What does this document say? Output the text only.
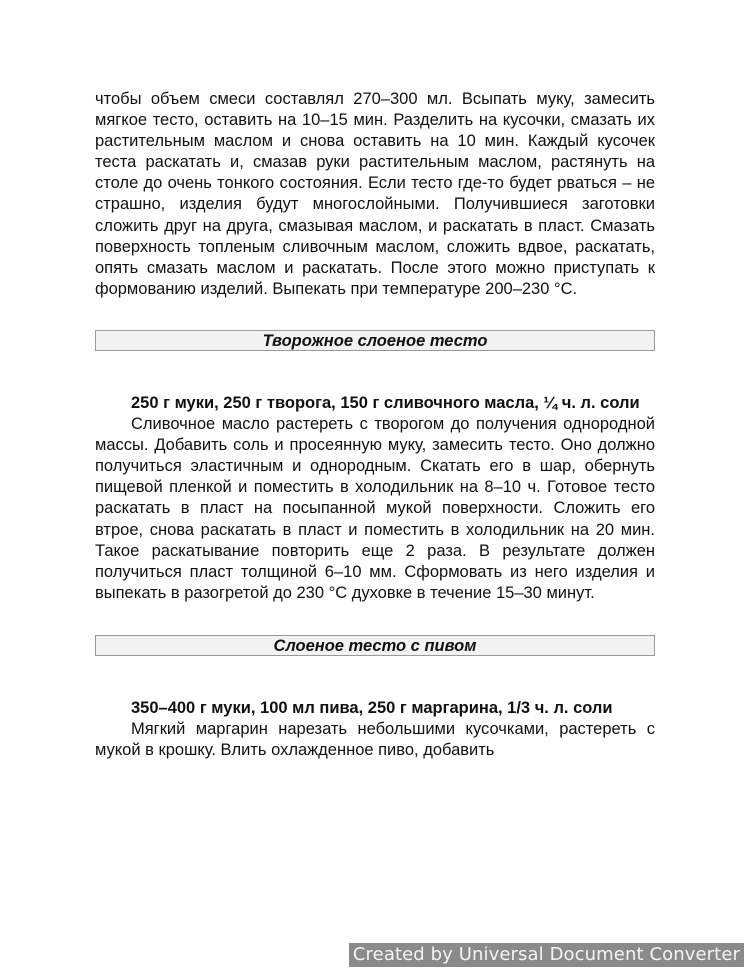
чтобы объем смеси составлял 270–300 мл. Всыпать муку, замесить мягкое тесто, оставить на 10–15 мин. Разделить на кусочки, смазать их растительным маслом и снова оставить на 10 мин. Каждый кусочек теста раскатать и, смазав руки растительным маслом, растянуть на столе до очень тонкого состояния. Если тесто где-то будет рваться – не страшно, изделия будут многослойными. Получившиеся заготовки сложить друг на друга, смазывая маслом, и раскатать в пласт. Смазать поверхность топленым сливочным маслом, сложить вдвое, раскатать, опять смазать маслом и раскатать. После этого можно приступать к формованию изделий. Выпекать при температуре 200–230 °С.

Творожное слоеное тесто

250 г муки, 250 г творога, 150 г сливочного масла, ¼ ч. л. соли

Сливочное масло растереть с творогом до получения однородной массы. Добавить соль и просеянную муку, замесить тесто. Оно должно получиться эластичным и однородным. Скатать его в шар, обернуть пищевой пленкой и поместить в холодильник на 8–10 ч. Готовое тесто раскатать в пласт на посыпанной мукой поверхности. Сложить его втрое, снова раскатать в пласт и поместить в холодильник на 20 мин. Такое раскатывание повторить еще 2 раза. В результате должен получиться пласт толщиной 6–10 мм. Сформовать из него изделия и выпекать в разогретой до 230 °С духовке в течение 15–30 минут.

Слоеное тесто с пивом

350–400 г муки, 100 мл пива, 250 г маргарина, 1/3 ч. л. соли

Мягкий маргарин нарезать небольшими кусочками, растереть с мукой в крошку. Влить охлажденное пиво, добавить

Created by Universal Document Converter
